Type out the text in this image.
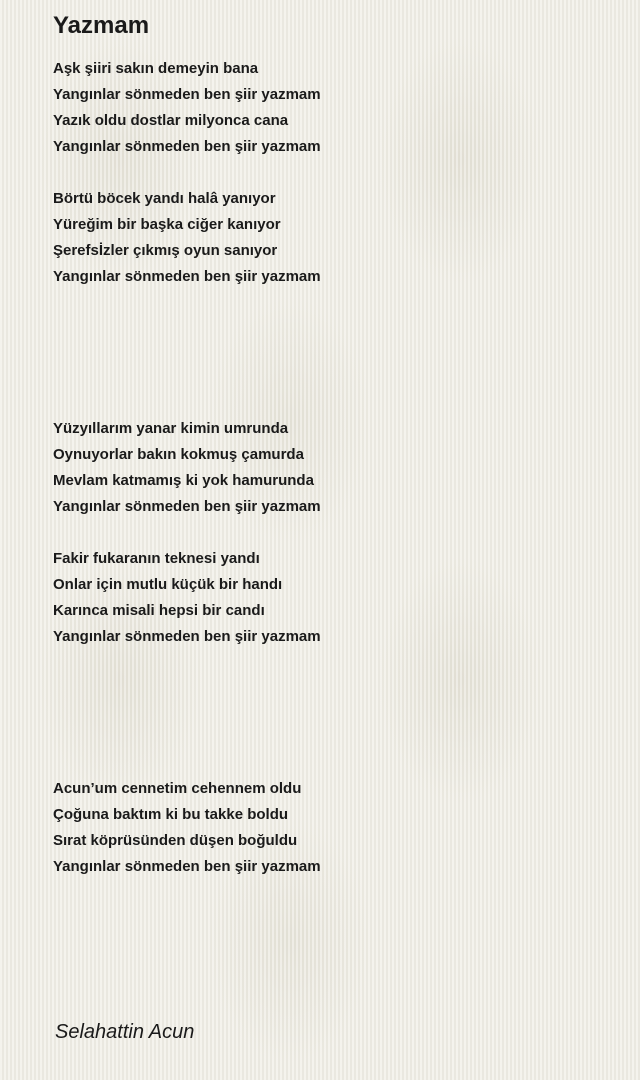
Yazmam
Aşk şiiri sakın demeyin bana
Yangınlar sönmeden ben şiir yazmam
Yazık oldu dostlar milyonca cana
Yangınlar sönmeden ben şiir yazmam
Börtü böcek yandı halâ yanıyor
Yüreğim bir başka ciğer kanıyor
Şerefsİzler çıkmış oyun sanıyor
Yangınlar sönmeden ben şiir yazmam
Yüzyıllarım yanar kimin umrunda
Oynuyorlar bakın kokmuş çamurda
Mevlam katmamış ki yok hamurunda
Yangınlar sönmeden ben şiir yazmam
Fakir fukaranın teknesi yandı
Onlar için mutlu küçük bir handı
Karınca misali hepsi bir candı
Yangınlar sönmeden ben şiir yazmam
Acun’um cennetim cehennem oldu
Çoğuna baktım ki bu takke boldu
Sırat köprüsünden düşen boğuldu
Yangınlar sönmeden ben şiir yazmam
Selahattin Acun
